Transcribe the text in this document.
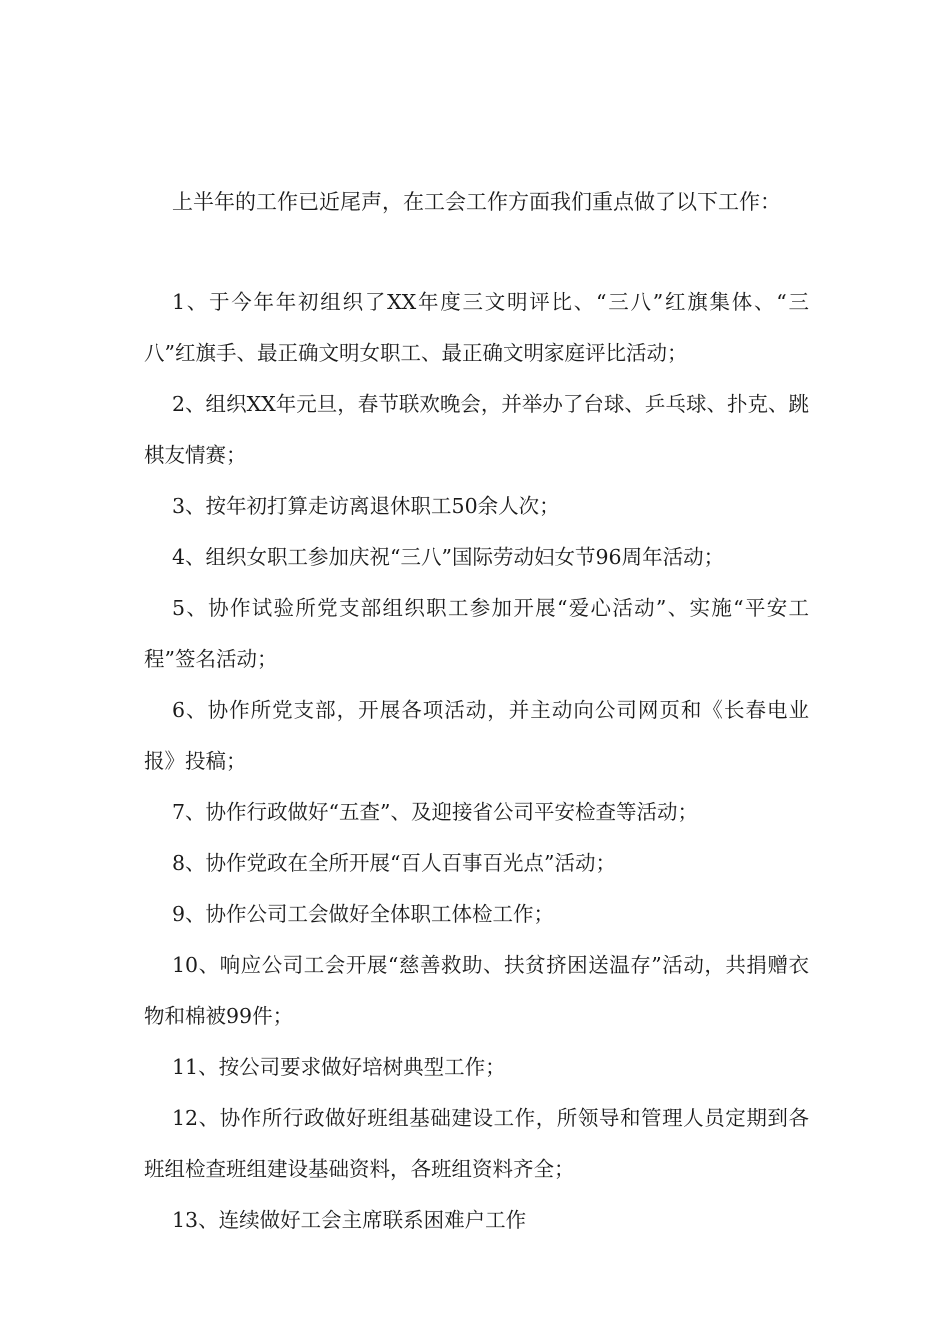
上半年的工作已近尾声，在工会工作方面我们重点做了以下工作：

1、于今年年初组织了XX年度三文明评比、“三八”红旗集体、“三八”红旗手、最正确文明女职工、最正确文明家庭评比活动；

2、组织XX年元旦，春节联欢晚会，并举办了台球、乒乓球、扑克、跳棋友情赛；

3、按年初打算走访离退休职工50余人次；

4、组织女职工参加庆祝“三八”国际劳动妇女节96周年活动；

5、协作试验所党支部组织职工参加开展“爱心活动”、实施“平安工程”签名活动；

6、协作所党支部，开展各项活动，并主动向公司网页和《长春电业报》投稿；

7、协作行政做好“五查”、及迎接省公司平安检查等活动；

8、协作党政在全所开展“百人百事百光点”活动；

9、协作公司工会做好全体职工体检工作；

10、响应公司工会开展“慈善救助、扶贫挤困送温存”活动，共捐赠衣物和棉被99件；

11、按公司要求做好培树典型工作；

12、协作所行政做好班组基础建设工作，所领导和管理人员定期到各班组检查班组建设基础资料，各班组资料齐全；

13、连续做好工会主席联系困难户工作
